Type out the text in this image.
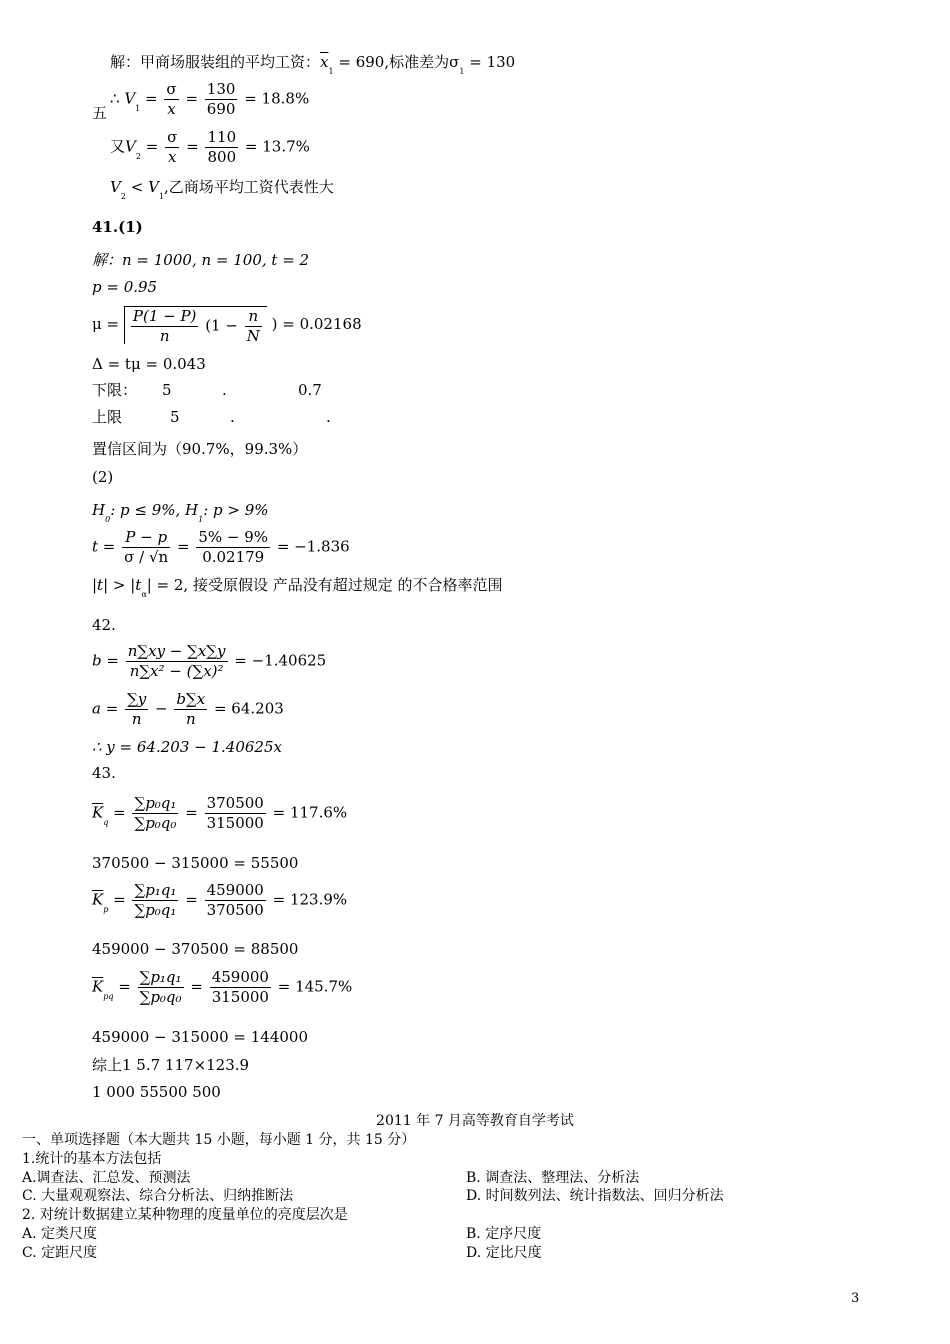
解：甲商场服装组的平均工资：$\overline{x}_1 = 690$,标准差为$\sigma_1 = 130$
∴ $V_1 = \frac{\sigma}{x} = \frac{130}{690} = 18.8\%$
五
又$V_2 = \frac{\sigma}{x} = \frac{110}{800} = 13.7\%$
$V_2 < V_1$,乙商场平均工资代表性大
41.(1)
解：n = 1000, n = 100, t = 2
p = 0.95
$\mu = \frac{P(1 - P)}{n} (1 - \frac{n}{N}$ ) = 0.02168
Δ = tμ = 0.043
下限： 5	.	0.7
上限	5	.	.
置信区间为（90.7%，99.3%）
(2)
$H_0$: p ≤ 9%, $H_1$: p > 9%
$t = \frac{P - p}{\sigma / √n} = \frac{5\% - 9\%}{0.02179} = -1.836$
$|t| > |t_\alpha| = 2$, 接受原假设 产品没有超过规定 的不合格率范围
42.
$b = \frac{n\sum xy - \sum x\sum y}{\text{n∑x² − (∑x)²}} = -1.40625$
$a = \frac{\sum y}{n} - \frac{b\sum x}{n} = 64.203$
∴ y = 64.203 − 1.40625x
43.
$\overline{K}_q = \frac{\text{∑p₀q₁}}{\text{∑p₀q₀}} = \frac{370500}{315000} = 117.6\%$
370500 − 315000 = 55500
$\overline{K}_p = \frac{\text{∑p₁q₁}}{\text{∑p₀q₁}} = \frac{459000}{370500} = 123.9\%$
459000 − 370500 = 88500
$\overline{K}_{pq} = \frac{\text{∑p₁q₁}}{\text{∑p₀q₀}} = \frac{459000}{315000} = 145.7\%$
459000 − 315000 = 144000
综上1 5.7 117×123.9
1 000 55500 500
2011 年 7 月高等教育自学考试
一、单项选择题（本大题共 15 小题，每小题 1 分，共 15 分）
1.统计的基本方法包括
A.调查法、汇总发、预测法	B. 调查法、整理法、分析法
C. 大量观观察法、综合分析法、归纳推断法	D. 时间数列法、统计指数法、回归分析法
2. 对统计数据建立某种物理的度量单位的亮度层次是
A. 定类尺度	B. 定序尺度
C. 定距尺度	D. 定比尺度
3
